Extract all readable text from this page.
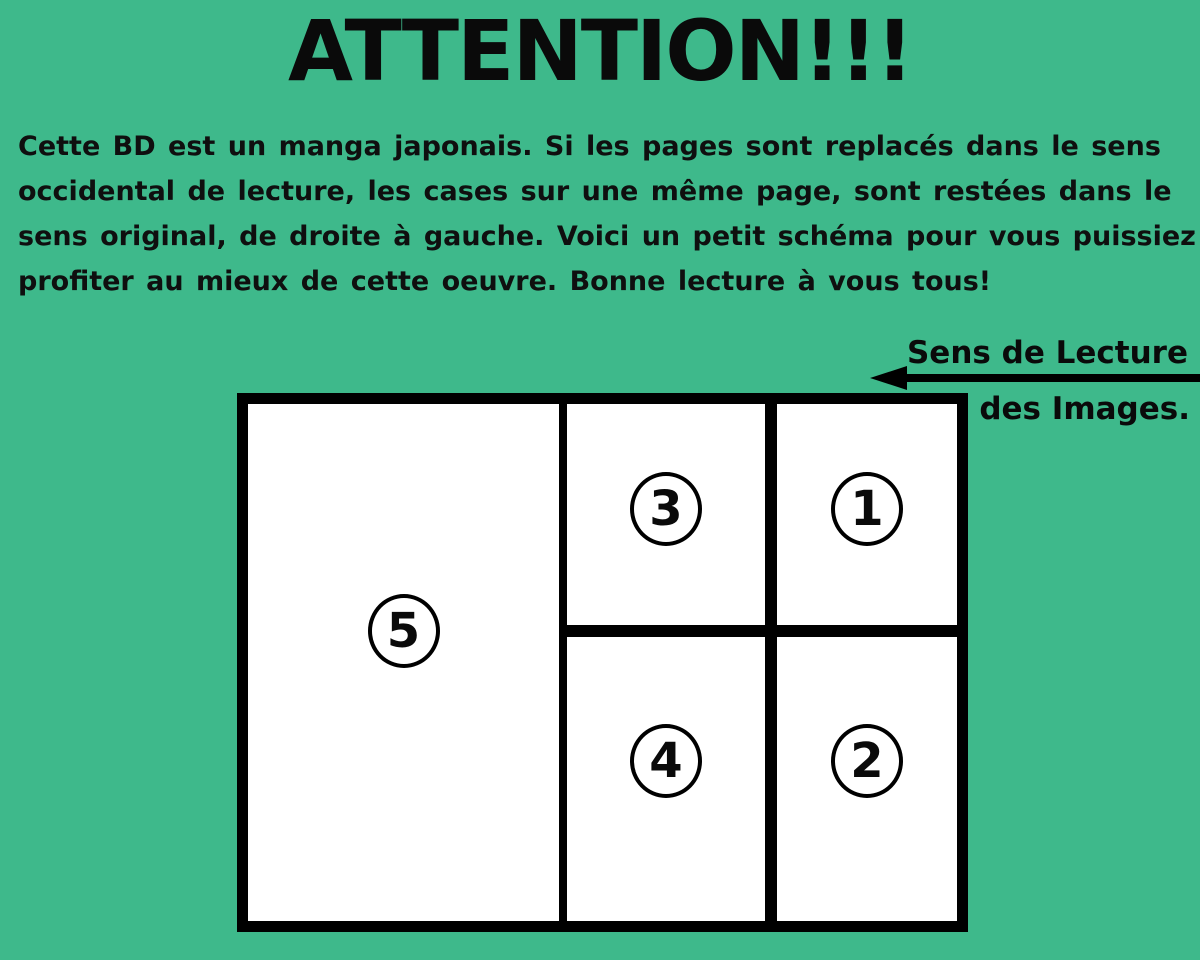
ATTENTION!!!
Cette BD est un manga japonais. Si les pages sont replacés dans le sens
occidental de lecture, les cases sur une même page, sont restées dans le
sens original, de droite à gauche. Voici un petit schéma pour vous puissiez
profiter au mieux de cette oeuvre. Bonne lecture à vous tous!
Sens de Lecture
des Images.
5
3	1
4	2
